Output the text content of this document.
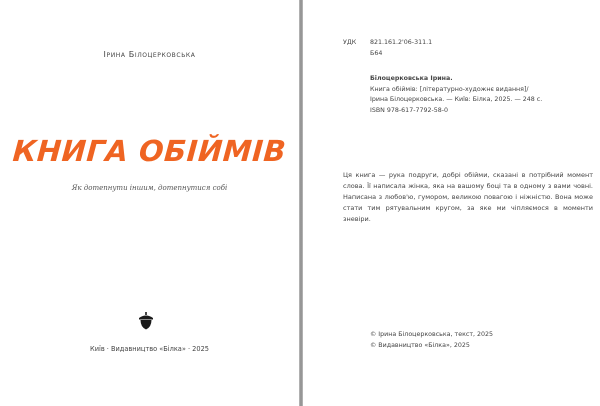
Ірина Білоцерковська
КНИГА ОБІЙМІВ
Як дотепнути іншим, дотепнутися собі
Київ · Видавництво «Білка» · 2025
УДК	821.161.2'06-311.1
Б64
Білоцерковська Ірина.
Книга обіймів: [літературно-художнє видання]/
Ірина Білоцерковська. — Київ: Білка, 2025. — 248 с.
ISBN 978-617-7792-58-0
Ця книга — рука подруги, добрі обійми, сказані в потрібний момент слова. Її написала жінка, яка на вашому боці та в одному з вами човні. Написана з любов'ю, гумором, великою повагою і ніжністю. Вона може стати тим рятувальним кругом, за яке ми чіпляємося в моменти зневіри.
© Ірина Білоцерковська, текст, 2025
© Видавництво «Білка», 2025
